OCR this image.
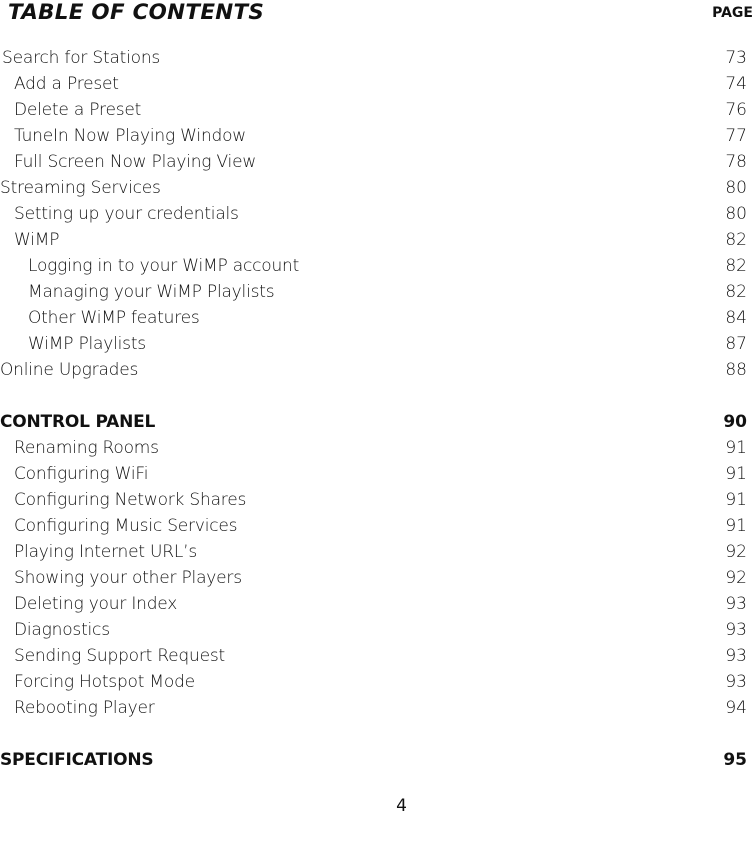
TABLE OF CONTENTS	PAGE
Search for Stations	73
Add a Preset	74
Delete a Preset	76
TuneIn Now Playing Window	77
Full Screen Now Playing View	78
Streaming Services	80
Setting up your credentials	80
WiMP	82
Logging in to your WiMP account	82
Managing your WiMP Playlists	82
Other WiMP features	84
WiMP Playlists	87
Online Upgrades	88
CONTROL PANEL	90
Renaming Rooms	91
Conﬁguring WiFi	91
Conﬁguring Network Shares	91
Conﬁguring Music Services	91
Playing Internet URL’s	92
Showing your other Players	92
Deleting your Index	93
Diagnostics	93
Sending Support Request	93
Forcing Hotspot Mode	93
Rebooting Player	94
SPECIFICATIONS	95
4
